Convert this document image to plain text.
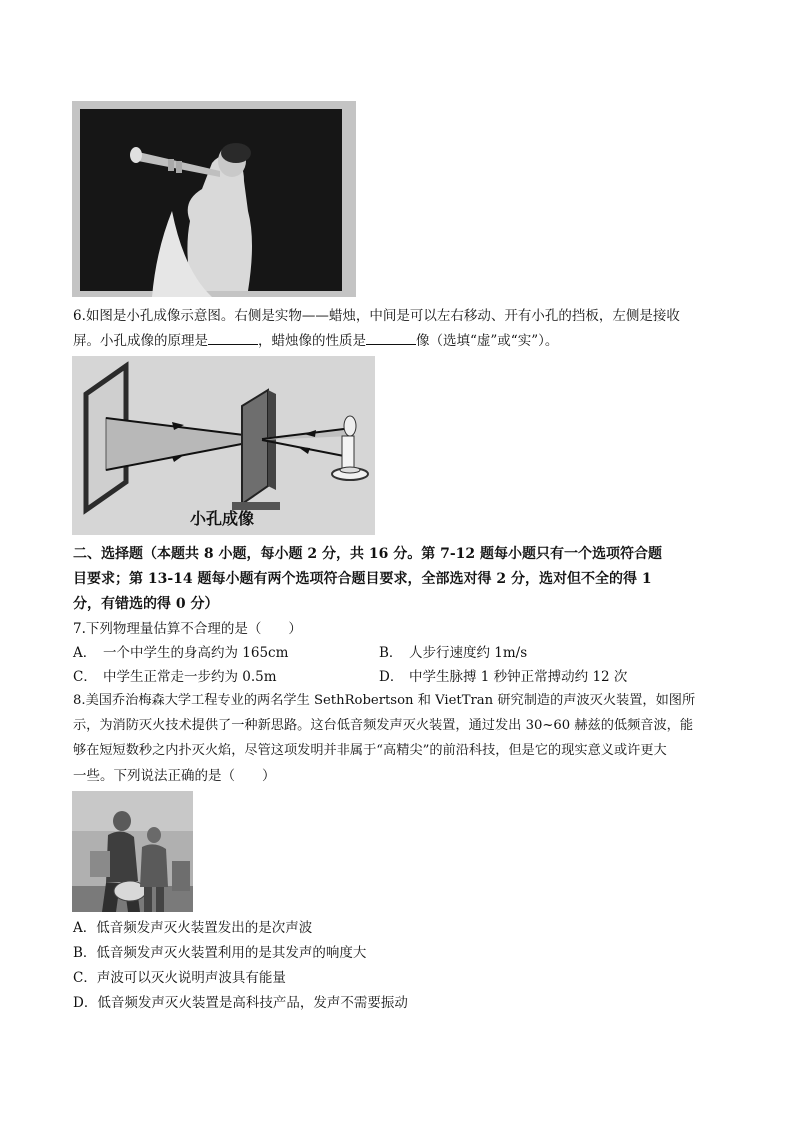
6.如图是小孔成像示意图。右侧是实物——蜡烛，中间是可以左右移动、开有小孔的挡板，左侧是接收
屏。小孔成像的原理是	，蜡烛像的性质是	像（选填“虚”或“实”）。
小孔成像
二、选择题（本题共 8 小题，每小题 2 分，共 16 分。第 7-12 题每小题只有一个选项符合题
目要求；第 13-14 题每小题有两个选项符合题目要求，全部选对得 2 分，选对但不全的得 1
分，有错选的得 0 分）
7.下列物理量估算不合理的是（　　）
A． 一个中学生的身高约为 165cm	B． 人步行速度约 1m/s
C． 中学生正常走一步约为 0.5m	D． 中学生脉搏 1 秒钟正常搏动约 12 次
8.美国乔治梅森大学工程专业的两名学生 SethRobertson 和 VietTran 研究制造的声波灭火装置，如图所
示，为消防灭火技术提供了一种新思路。这台低音频发声灭火装置，通过发出 30~60 赫兹的低频音波，能
够在短短数秒之内扑灭火焰，尽管这项发明并非属于“高精尖”的前沿科技，但是它的现实意义或许更大
一些。下列说法正确的是（　　）
A．低音频发声灭火装置发出的是次声波
B．低音频发声灭火装置利用的是其发声的响度大
C．声波可以灭火说明声波具有能量
D．低音频发声灭火装置是高科技产品，发声不需要振动
